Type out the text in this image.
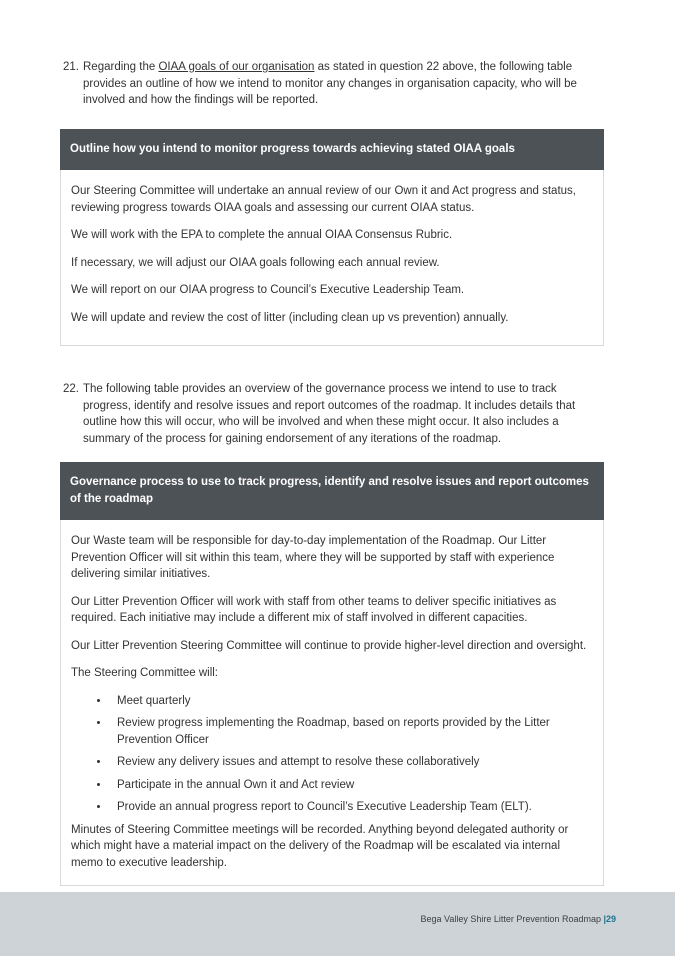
21. Regarding the OIAA goals of our organisation as stated in question 22 above, the following table provides an outline of how we intend to monitor any changes in organisation capacity, who will be involved and how the findings will be reported.
Outline how you intend to monitor progress towards achieving stated OIAA goals

Our Steering Committee will undertake an annual review of our Own it and Act progress and status, reviewing progress towards OIAA goals and assessing our current OIAA status.

We will work with the EPA to complete the annual OIAA Consensus Rubric.

If necessary, we will adjust our OIAA goals following each annual review.

We will report on our OIAA progress to Council’s Executive Leadership Team.

We will update and review the cost of litter (including clean up vs prevention) annually.

22. The following table provides an overview of the governance process we intend to use to track progress, identify and resolve issues and report outcomes of the roadmap. It includes details that outline how this will occur, who will be involved and when these might occur. It also includes a summary of the process for gaining endorsement of any iterations of the roadmap.
Governance process to use to track progress, identify and resolve issues and report outcomes of the roadmap

Our Waste team will be responsible for day-to-day implementation of the Roadmap. Our Litter Prevention Officer will sit within this team, where they will be supported by staff with experience delivering similar initiatives.

Our Litter Prevention Officer will work with staff from other teams to deliver specific initiatives as required. Each initiative may include a different mix of staff involved in different capacities.

Our Litter Prevention Steering Committee will continue to provide higher-level direction and oversight.

The Steering Committee will:

• Meet quarterly
• Review progress implementing the Roadmap, based on reports provided by the Litter Prevention Officer
• Review any delivery issues and attempt to resolve these collaboratively
• Participate in the annual Own it and Act review
• Provide an annual progress report to Council’s Executive Leadership Team (ELT).

Minutes of Steering Committee meetings will be recorded. Anything beyond delegated authority or which might have a material impact on the delivery of the Roadmap will be escalated via internal memo to executive leadership.

Bega Valley Shire Litter Prevention Roadmap |29
